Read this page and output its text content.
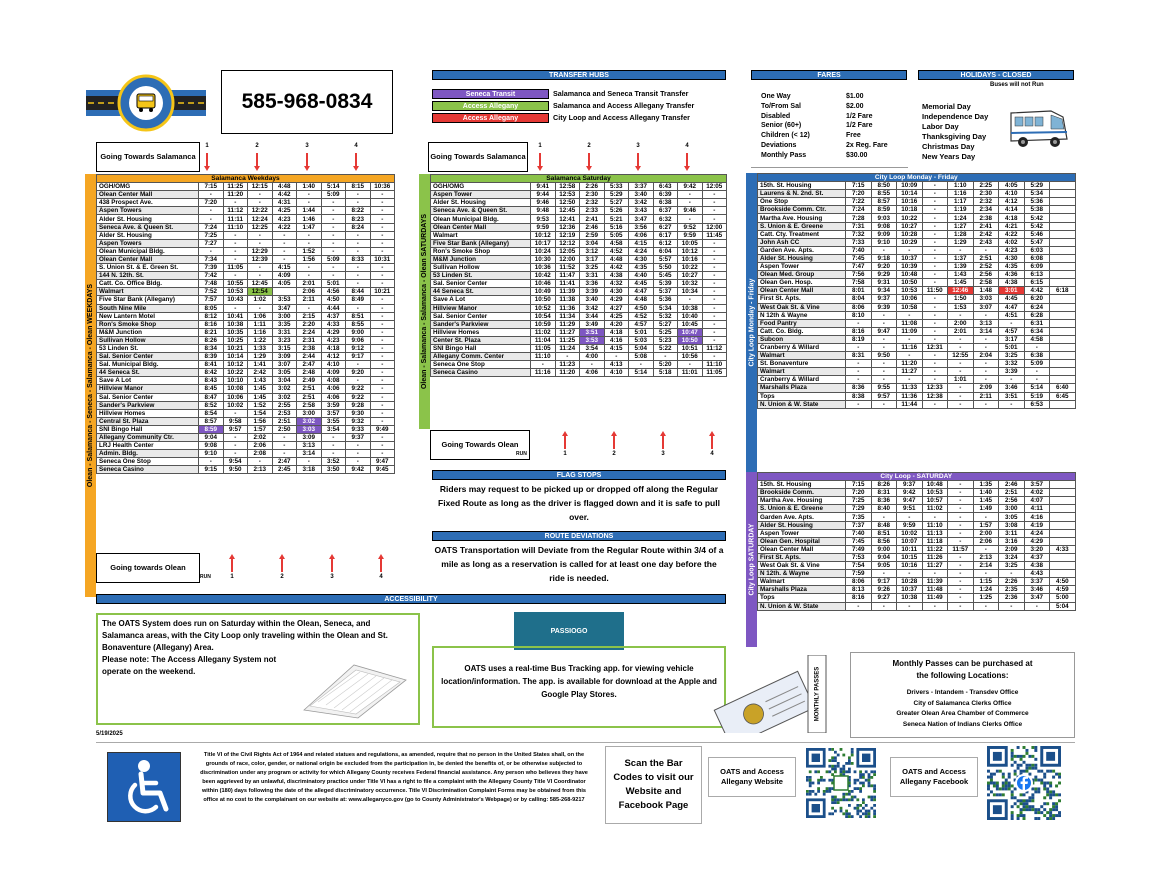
585-968-0834
Going Towards Salamanca
1	2	3	4
Olean - Salamanca - Seneca - Salamanca - Olean WEEKDAYS
Salamanca Weekdays								
OGH/OMG	7:15	11:25	12:15	4:48	1:40	5:14	8:15	10:36
Olean Center Mall	-	11:20	-	4:42	-	5:09	-	-
438 Prospect Ave.	7:20	-	-	4:31	-	-	-	-
Aspen Towers	-	11:12	12:22	4:25	1:44	-	8:22	-
Alder St. Housing	-	11:11	12:24	4:23	1:46	-	8:23	-
Seneca Ave. & Queen St.	7:24	11:10	12:25	4:22	1:47	-	8:24	-
Alder St. Housing	7:25	-	-	-	-	-	-	-
Aspen Towers	7:27	-	-	-	-	-	-	-
Olean Municipal Bldg.	-	-	12:29	-	1:52	-	-	-
Olean Center Mall	7:34	-	12:39	-	1:56	5:09	8:33	10:31
S. Union St. & E. Green St.	7:39	11:05	-	4:15	-	-	-	-
144 N. 12th. St.	7:42	-	-	4:09	-	-	-	-
Catt. Co. Office Bldg.	7:48	10:55	12:45	4:05	2:01	5:01	-	-
Walmart	7:52	10:53	12:54		2:06	4:56	8:44	10:21
Five Star Bank (Allegany)	7:57	10:43	1:02	3:53	2:11	4:50	8:49	-
South Nine Mile	8:05	-	-	3:47	-	4:44	-	-
New Lantern Motel	8:12	10:41	1:06	3:00	2:15	4:37	8:51	-
Ron's Smoke Shop	8:16	10:38	1:11	3:35	2:20	4:33	8:55	-
M&M Junction	8:21	10:35	1:16	3:31	2:24	4:29	9:00	-
Sullivan Hollow	8:26	10:25	1:22	3:23	2:31	4:23	9:06	-
53 Linden St.	8:34	10:21	1:33	3:15	2:38	4:18	9:12	-
Sal. Senior Center	8:39	10:14	1:29	3:09	2:44	4:12	9:17	-
Sal. Municipal Bldg.	8:41	10:12	1:41	3:07	2:47	4:10	-	-
44 Seneca St.	8:42	10:22	2:42	3:05	2:48	4:09	9:20	-
Save A Lot	8:43	10:10	1:43	3:04	2:49	4:08	-	-
Hillview Manor	8:45	10:08	1:45	3:02	2:51	4:06	9:22	-
Sal. Senior Center	8:47	10:06	1:45	3:02	2:51	4:06	9:22	-
Sander's Parkview	8:52	10:02	1:52	2:55	2:58	3:59	9:28	-
Hillview Homes	8:54	-	1:54	2:53	3:00	3:57	9:30	-
Central St. Plaza	8:57	9:58	1:56	2:51	3:02	3:55	9:32	-
SNI Bingo Hall	8:59	9:57	1:57	2:50	3:03	3:54	9:33	9:49
Allegany Community Ctr.	9:04	-	2:02	-	3:09	-	9:37	-
LRJ Health Center	9:08	-	2:06	-	3:13	-	-	-
Admin. Bldg.	9:10	-	2:08	-	3:14	-	-	-
Seneca One Stop	-	9:54	-	2:47	-	3:52	-	9:47
Seneca Casino	9:15	9:50	2:13	2:45	3:18	3:50	9:42	9:45
Going towards Olean
RUN	1	2	3	4
TRANSFER HUBS
Seneca Transit	Salamanca and Seneca Transit Transfer
Access Allegany	Salamanca and Access Allegany Transfer
Access Allegany	City Loop and Access Allegany Transfer
Going Towards Salamanca
1	2	3	4
Olean - Salamanca - Salamanca - Olean SATURDAYS
Salamanca Saturday								
OGH/OMG	9:41	12:58	2:26	5:33	3:37	6:43	9:42	12:05
Aspen Tower	9:44	12:53	2:30	5:29	3:40	6:39	-	-
Alder St. Housing	9:46	12:50	2:32	5:27	3:42	6:38	-	-
Seneca Ave. & Queen St.	9:48	12:45	2:33	5:26	3:43	6:37	9:46	-
Olean Municipal Bldg.	9:53	12:41	2:41	5:21	3:47	6:32	-	-
Olean Center Mall	9:59	12:36	2:46	5:16	3:56	6:27	9:52	12:00
Walmart	10:12	12:19	2:59	5:05	4:06	6:17	9:59	11:45
Five Star Bank (Allegany)	10:17	12:12	3:04	4:58	4:15	6:12	10:05	-
Ron's Smoke Shop	10:24	12:05	3:12	4:52	4:24	6:04	10:12	-
M&M Junction	10:30	12:00	3:17	4:48	4:30	5:57	10:16	-
Sullivan Hollow	10:36	11:52	3:25	4:42	4:35	5:50	10:22	-
53 Linden St.	10:42	11:47	3:31	4:38	4:40	5:45	10:27	-
Sal. Senior Center	10:46	11:41	3:36	4:32	4:45	5:39	10:32	-
44 Seneca St.	10:49	11:39	3:39	4:30	4:47	5:37	10:34	-
Save A Lot	10:50	11:38	3:40	4:29	4:48	5:36	-	-
Hillview Manor	10:52	11:36	3:42	4:27	4:50	5:34	10:38	-
Sal. Senior Center	10:54	11:34	3:44	4:25	4:52	5:32	10:40	-
Sander's Parkview	10:59	11:29	3:49	4:20	4:57	5:27	10:45	-
Hillview Homes	11:02	11:27	3:51	4:18	5:01	5:25	10:47	-
Center St. Plaza	11:04	11:25	3:53	4:16	5:03	5:23	10:50	-
SNI Bingo Hall	11:05	11:24	3:54	4:15	5:04	5:22	10:51	11:12
Allegany Comm. Center	11:10	-	4:00	-	5:08	-	10:56	-
Seneca One Stop	-	11:23	-	4:13	-	5:20	-	11:10
Seneca Casino	11:16	11:20	4:06	4:10	5:14	5:18	11:01	11:05
Going Towards Olean
RUN	1	2	3	4
FLAG STOPS
Riders may request to be picked up or dropped off along the Regular Fixed Route as long as the driver is flagged down and it is safe to pull over.
ROUTE DEVIATIONS
OATS Transportation will Deviate from the Regular Route within 3/4 of a mile as long as a reservation is called for at least one day before the ride is needed.
ACCESSIBILITY
The OATS System does run on Saturday within the Olean, Seneca, and Salamanca areas, with the City Loop only traveling within the Olean and St. Bonaventure (Allegany) Area.
Please note: The Access Allegany System not operate on the weekend.
PASSIOGO
OATS uses a real-time Bus Tracking app. for viewing vehicle location/information. The app. is available for download at the Apple and Google Play Stores.
FARES
One Way	$1.00
To/From Sal	$2.00
Disabled	1/2 Fare
Senior (60+)	1/2 Fare
Children (< 12)	Free
Deviations	2x Reg. Fare
Monthly Pass	$30.00
HOLIDAYS - CLOSED
Buses will not Run
Memorial Day
Independence Day
Labor Day
Thanksgiving Day
Christmas Day
New Years Day
City Loop Monday - Friday
City Loop Monday - Friday									
15th. St. Housing	7:15	8:50	10:09	-	1:10	2:25	4:05	5:29	
Laurens & N. 2nd. St.	7:20	8:55	10:14	-	1:16	2:30	4:10	5:34	
One Stop	7:22	8:57	10:16	-	1:17	2:32	4:12	5:36	
Brookside Comm. Ctr.	7:24	8:59	10:18	-	1:19	2:34	4:14	5:38	
Martha Ave. Housing	7:28	9:03	10:22	-	1:24	2:38	4:18	5:42	
S. Union & E. Greene	7:31	9:08	10:27	-	1:27	2:41	4:21	5:42	
Catt. Cty. Treatment	7:32	9:09	10:28	-	1:28	2:42	4:22	5:46	
John Ash CC	7:33	9:10	10:29	-	1:29	2:43	4:02	5:47	
Garden Ave. Apts.	7:40	-	-	-	-	-	4:23	6:03	
Alder St. Housing	7:45	9:18	10:37	-	1:37	2:51	4:30	6:08	
Aspen Tower	7:47	9:20	10:39	-	1:39	2:52	4:35	6:09	
Olean Med. Group	7:56	9:29	10:48	-	1:43	2:56	4:36	6:13	
Olean Gen. Hosp.	7:58	9:31	10:50	-	1:45	2:58	4:38	6:15	
Olean Center Mall	8:01	9:34	10:53	11:50	12:46	1:48	3:01	4:42	6:18
First St. Apts.	8:04	9:37	10:06	-	1:50	3:03	4:45	6:20	
West Oak St. & Vine	8:06	9:39	10:58	-	1:53	3:07	4:47	6:24	
N 12th & Wayne	8:10	-	-	-	-	-	4:51	6:28	
Food Pantry	-	-	11:08	-	2:00	3:13	-	6:31	
Catt. Co. Bldg.	8:16	9:47	11:09	-	2:01	3:14	4:57	6:34	
Subcon	8:19	-	-	-	-	-	3:17	4:58	
Cranberry & Willard	-	-	11:16	12:31	-	-	5:01	-	
Walmart	8:31	9:50	-	-	12:55	2:04	3:25	6:38	
St. Bonaventure	-	-	11:20	-	-	-	3:32	5:09	
Walmart	-	-	11:27	-	-	-	3:39	-	
Cranberry & Willard	-	-	-	-	1:01	-	-	-	
Marshalls Plaza	8:36	9:55	11:33	12:33	-	2:09	3:46	5:14	6:40
Tops	8:38	9:57	11:36	12:38	-	2:11	3:51	5:19	6:45
N. Union & W. State	-	-	11:44	-	-	-	-	6:53	
City Loop SATURDAY
City Loop - SATURDAY									
15th. St. Housing	7:15	8:26	9:37	10:48	-	1:35	2:46	3:57	
Brookside Comm.	7:20	8:31	9:42	10:53	-	1:40	2:51	4:02	
Martha Ave. Housing	7:25	8:36	9:47	10:57	-	1:45	2:56	4:07	
S. Union & E. Greene	7:29	8:40	9:51	11:02	-	1:49	3:00	4:11	
Garden Ave. Apts.	7:35	-	-	-	-	-	3:05	4:16	
Alder St. Housing	7:37	8:48	9:59	11:10	-	1:57	3:08	4:19	
Aspen Tower	7:40	8:51	10:02	11:13	-	2:00	3:11	4:24	
Olean Gen. Hospital	7:45	8:56	10:07	11:18	-	2:06	3:16	4:29	
Olean Center Mall	7:49	9:00	10:11	11:22	11:57	-	2:09	3:20	4:33
First St. Apts.	7:53	9:04	10:15	11:26	-	2:13	3:24	4:37	
West Oak St. & Vine	7:54	9:05	10:16	11:27	-	2:14	3:25	4:38	
N 12th. & Wayne	7:59	-	-	-	-	-	-	4:43	
Walmart	8:06	9:17	10:28	11:39	-	1:15	2:26	3:37	4:50
Marshalls Plaza	8:13	9:26	10:37	11:48	-	1:24	2:35	3:46	4:59
Tops	8:16	9:27	10:38	11:49	-	1:25	2:36	3:47	5:00
N. Union & W. State	-	-	-	-	-	-	-	-	5:04
MONTHLY PASSES
Monthly Passes can be purchased at the following Locations:
Drivers - Intandem - Transdev Office
City of Salamanca Clerks Office
Greater Olean Area Chamber of Commerce
Seneca Nation of Indians Clerks Office
5/19/2025
Title VI of the Civil Rights Act of 1964 and related statues and regulations, as amended, require that no person in the United States shall, on the grounds of race, color, gender, or national origin be excluded from the participation in, be denied the benefits of, or be otherwise subjected to discrimination under any program or activity for which Allegany County receives Federal financial assistance. Any person who believes they have been aggrieved by an unlawful, discriminatory practice under Title VI has a right to file a complaint with the Allegany County Title VI Coordinator within (180) days following the date of the alleged discriminatory occurrence. Title VI Discrimination Complaint Forms may be obtained from this office at no cost to the complainant on our website at: www.alleganyco.gov (go to County Administrator's Webpage) or by calling: 585-268-9217
Scan the Bar Codes to visit our Website and Facebook Page
OATS and Access Allegany Website
OATS and Access Allegany Facebook
